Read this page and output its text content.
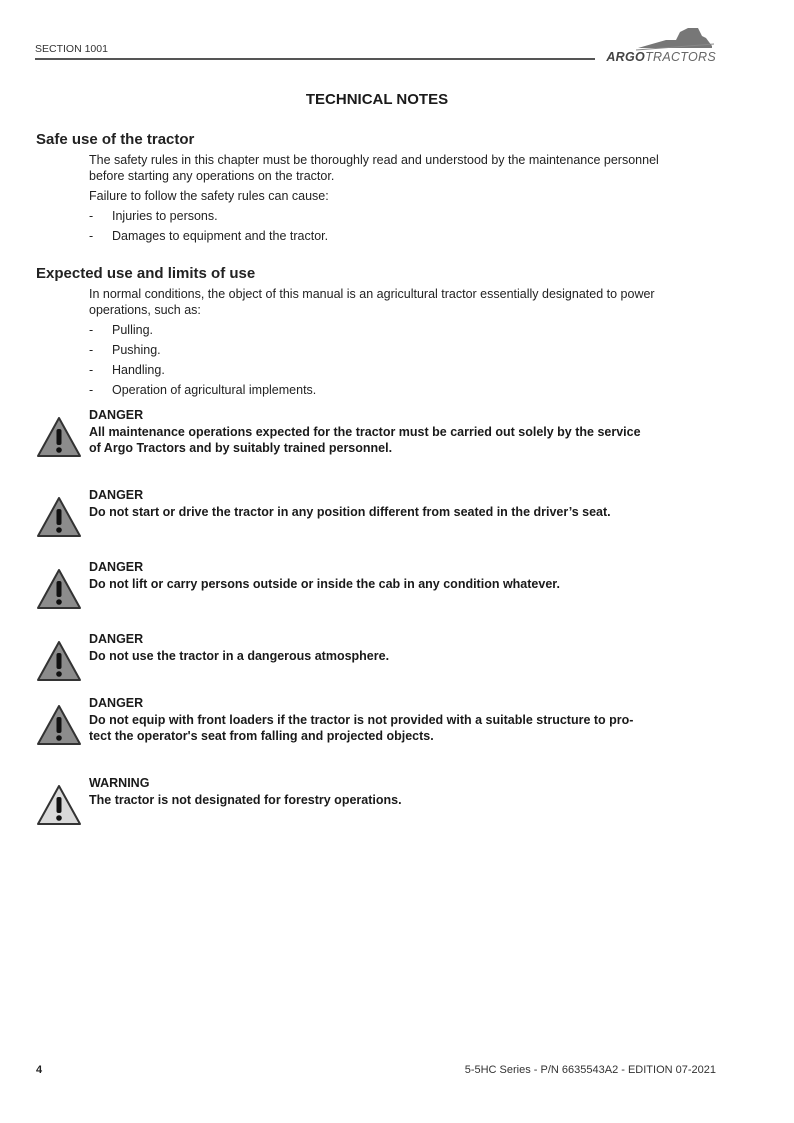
SECTION 1001
ARGOTRACTORS
TECHNICAL NOTES
Safe use of the tractor
The safety rules in this chapter must be thoroughly read and understood by the maintenance personnel
before starting any operations on the tractor.
Failure to follow the safety rules can cause:
- Injuries to persons.
- Damages to equipment and the tractor.
Expected use and limits of use
In normal conditions, the object of this manual is an agricultural tractor essentially designated to power
operations, such as:
- Pulling.
- Pushing.
- Handling.
- Operation of agricultural implements.
DANGER
All maintenance operations expected for the tractor must be carried out solely by the service
of Argo Tractors and by suitably trained personnel.
DANGER
Do not start or drive the tractor in any position different from seated in the driver’s seat.
DANGER
Do not lift or carry persons outside or inside the cab in any condition whatever.
DANGER
Do not use the tractor in a dangerous atmosphere.
DANGER
Do not equip with front loaders if the tractor is not provided with a suitable structure to pro-
tect the operator's seat from falling and projected objects.
WARNING
The tractor is not designated for forestry operations.
4	5-5HC Series - P/N 6635543A2 - EDITION 07-2021
